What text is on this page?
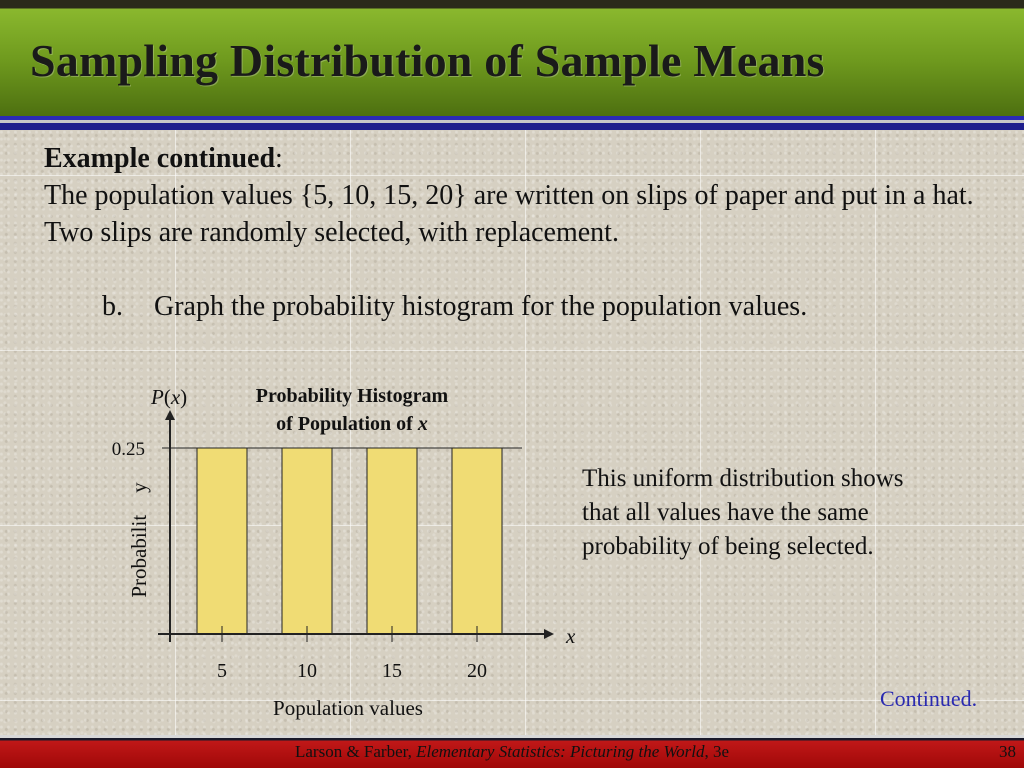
Sampling Distribution of Sample Means
Example continued:
The population values {5, 10, 15, 20} are written on slips of paper and put in a hat. Two slips are randomly selected, with replacement.
b. Graph the probability histogram for the population values.
5	10	15	20
0.25
P(x)	Probability Histogram
of Population of x
x
Probability
Population values
This uniform distribution shows that all values have the same probability of being selected.
Continued.
Larson & Farber, Elementary Statistics: Picturing the World, 3e	38
